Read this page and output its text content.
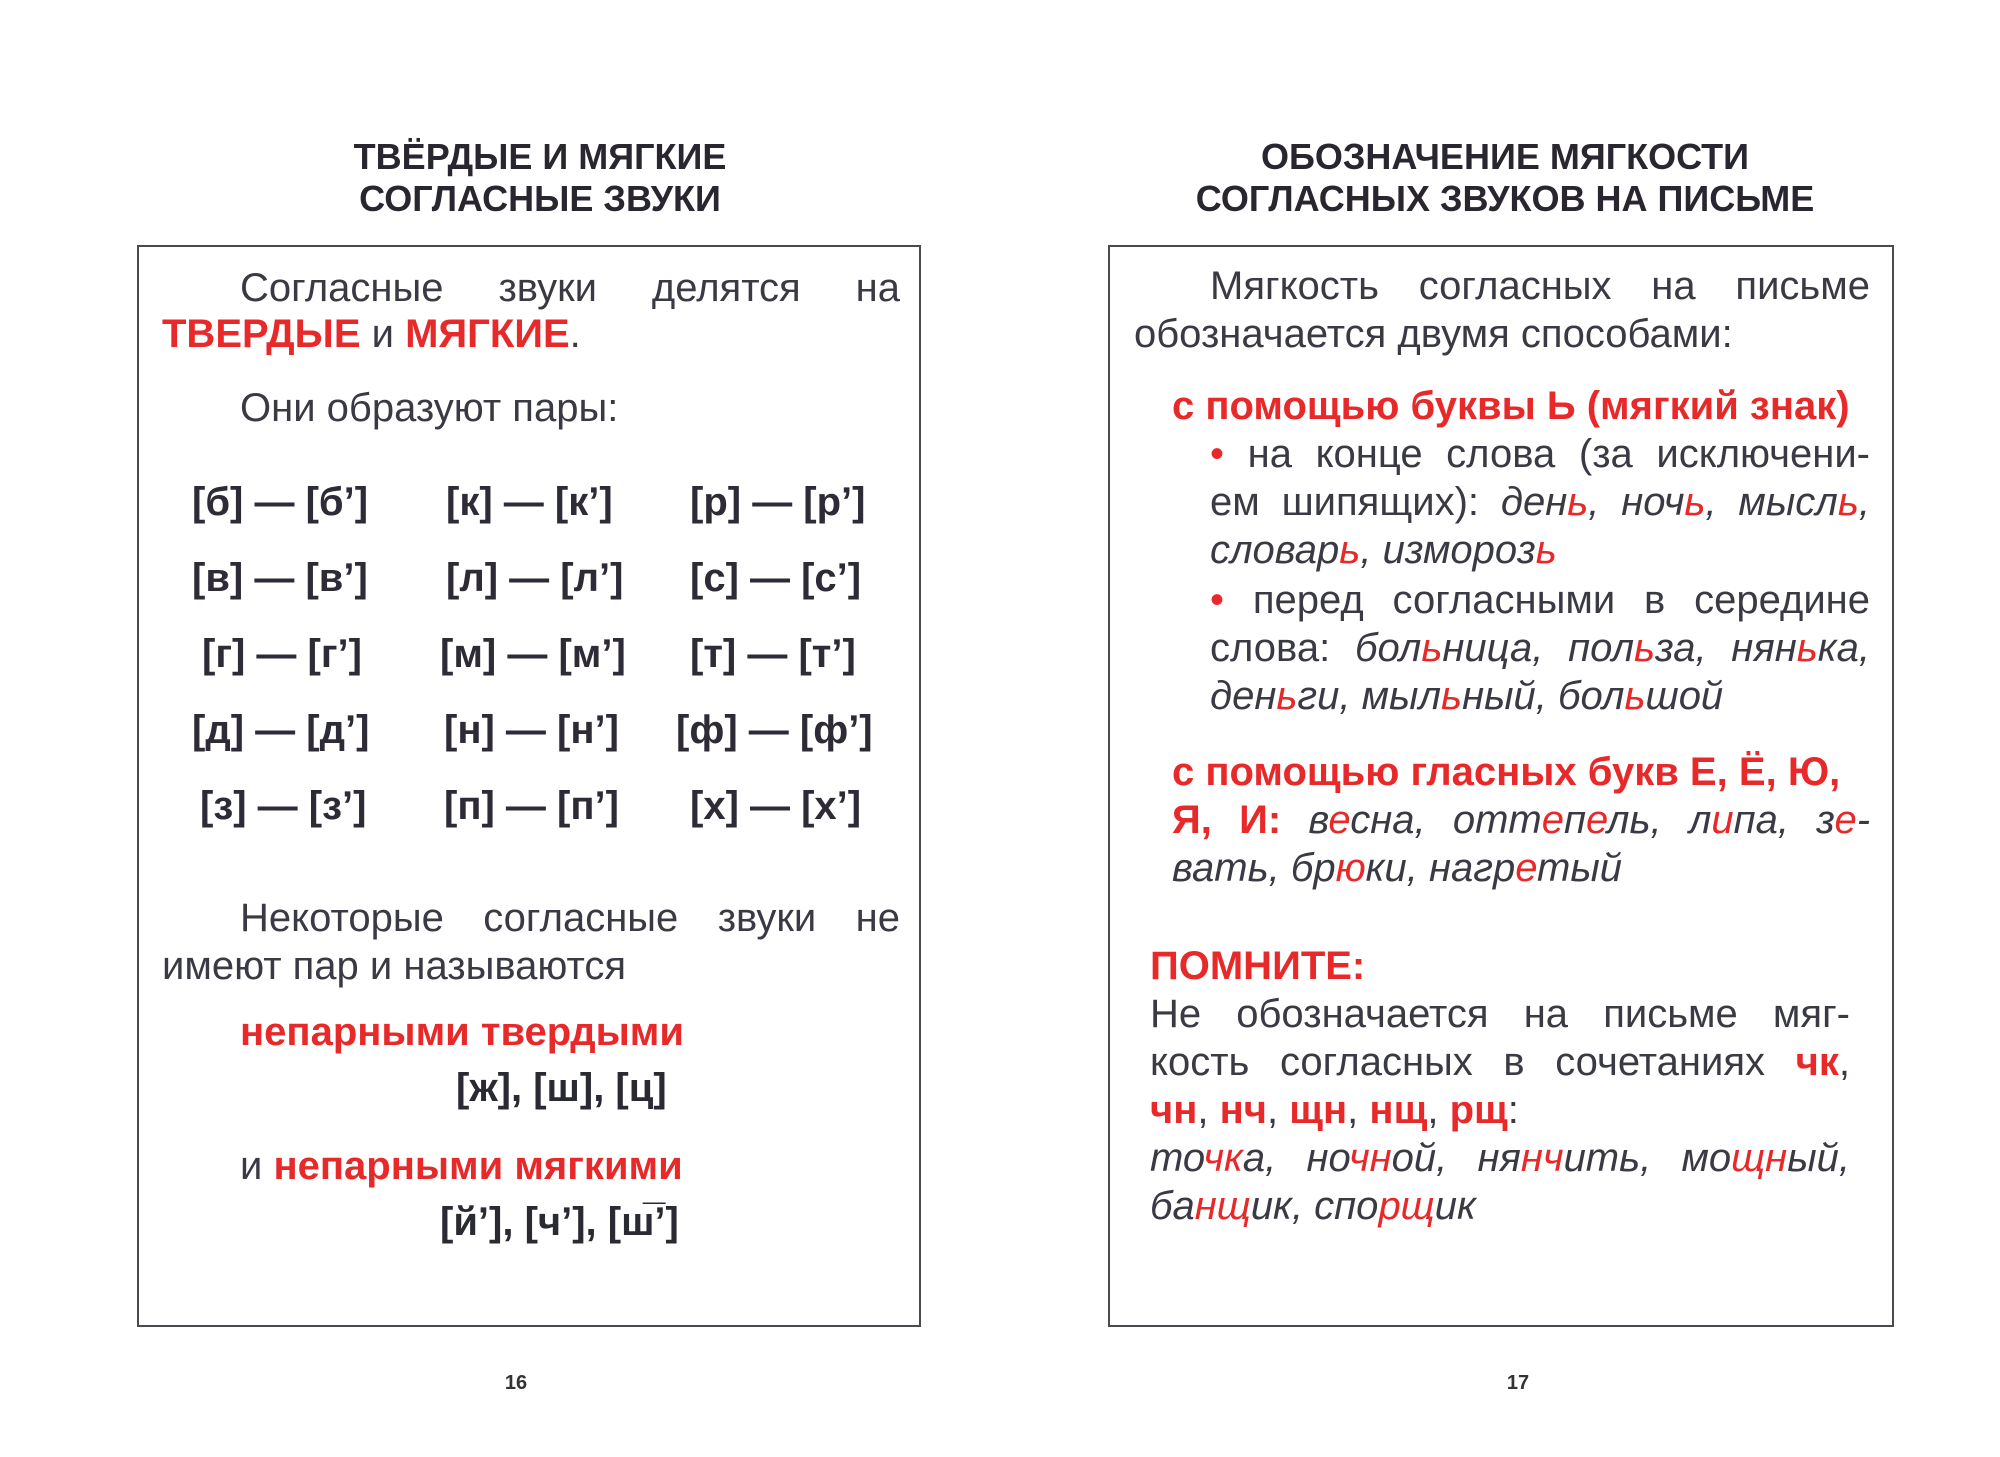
ТВЁРДЫЕ И МЯГКИЕ
СОГЛАСНЫЕ ЗВУКИ
Согласные звуки делятся на
ТВЕРДЫЕ и МЯГКИЕ.
Они образуют пары:
[б] — [б’] [к] — [к’] [р] — [р’]
[в] — [в’] [л] — [л’] [с] — [с’]
[г] — [г’] [м] — [м’] [т] — [т’]
[д] — [д’] [н] — [н’] [ф] — [ф’]
[з] — [з’] [п] — [п’] [х] — [х’]
Некоторые согласные звуки не
имеют пар и называются
непарными твердыми
[ж], [ш], [ц]
и непарными мягкими
[й’], [ч’], [ш̅’]
16
ОБОЗНАЧЕНИЕ МЯГКОСТИ
СОГЛАСНЫХ ЗВУКОВ НА ПИСЬМЕ
Мягкость согласных на письме
обозначается двумя способами:
с помощью буквы Ь (мягкий знак)
• на конце слова (за исключени-
ем шипящих): день, ночь, мысль,
словарь, изморoзь
• перед согласными в середине
слова: больница, польза, нянька,
деньги, мыльный, большой
с помощью гласных букв Е, Ё, Ю,
Я, И: весна, оттепель, липа, зе-
вать, брюки, нагретый
ПОМНИТЕ:
Не обозначается на письме мяг-
кость согласных в сочетаниях чк,
чн, нч, щн, нщ, рщ:
точка, ночной, нянчить, мощный,
банщик, спорщик
17
